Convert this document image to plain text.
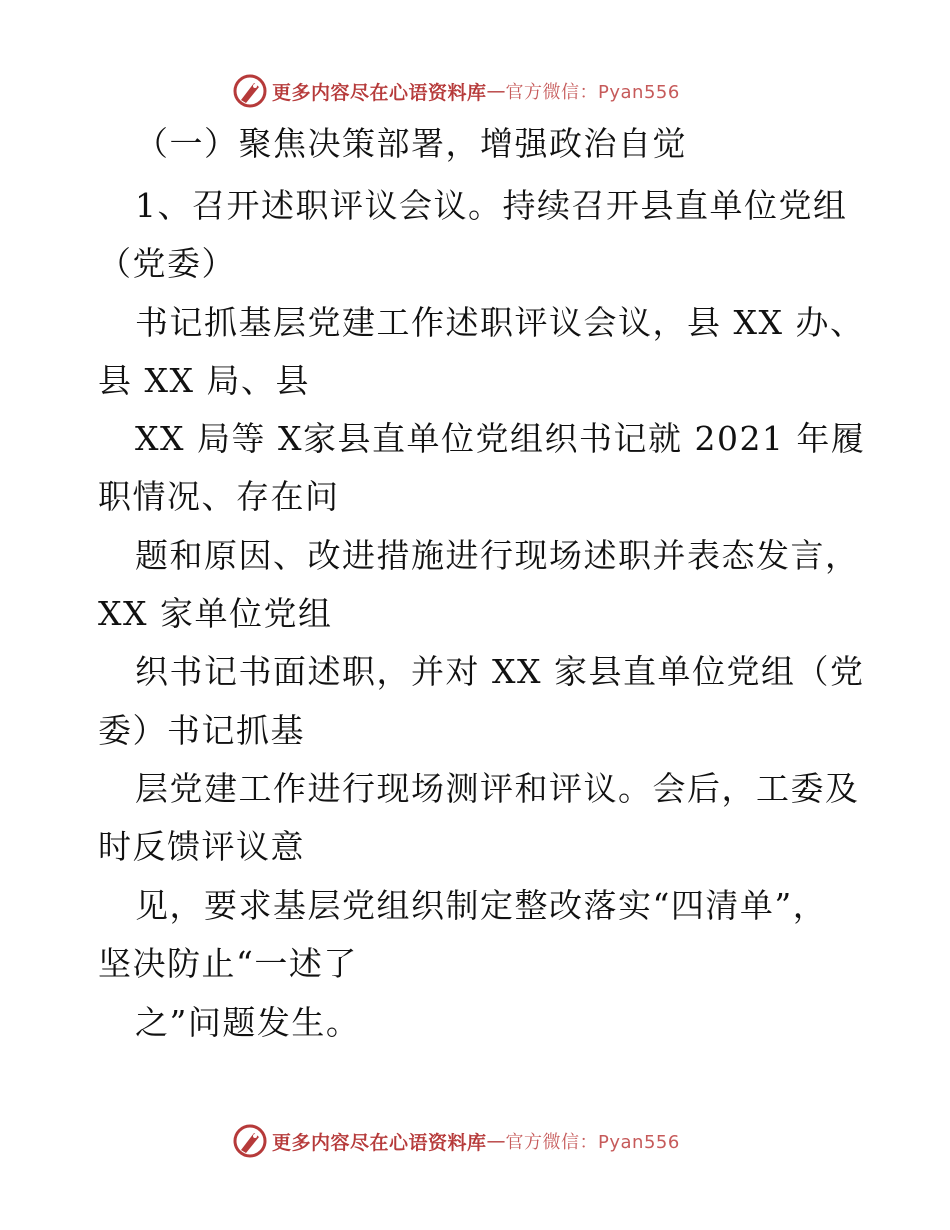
更多内容尽在心语资料库 — 官方微信：Pyan556
（一）聚焦决策部署，增强政治自觉
1、召开述职评议会议。持续召开县直单位党组
（党委）
书记抓基层党建工作述职评议会议，县 XX 办、
县 XX 局、县
XX 局等 X家县直单位党组织书记就 2021 年履
职情况、存在问
题和原因、改进措施进行现场述职并表态发言，
XX 家单位党组
织书记书面述职，并对 XX 家县直单位党组（党
委）书记抓基
层党建工作进行现场测评和评议。会后，工委及
时反馈评议意
见，要求基层党组织制定整改落实“四清单”，
坚决防止“一述了
之”问题发生。
更多内容尽在心语资料库 — 官方微信：Pyan556
